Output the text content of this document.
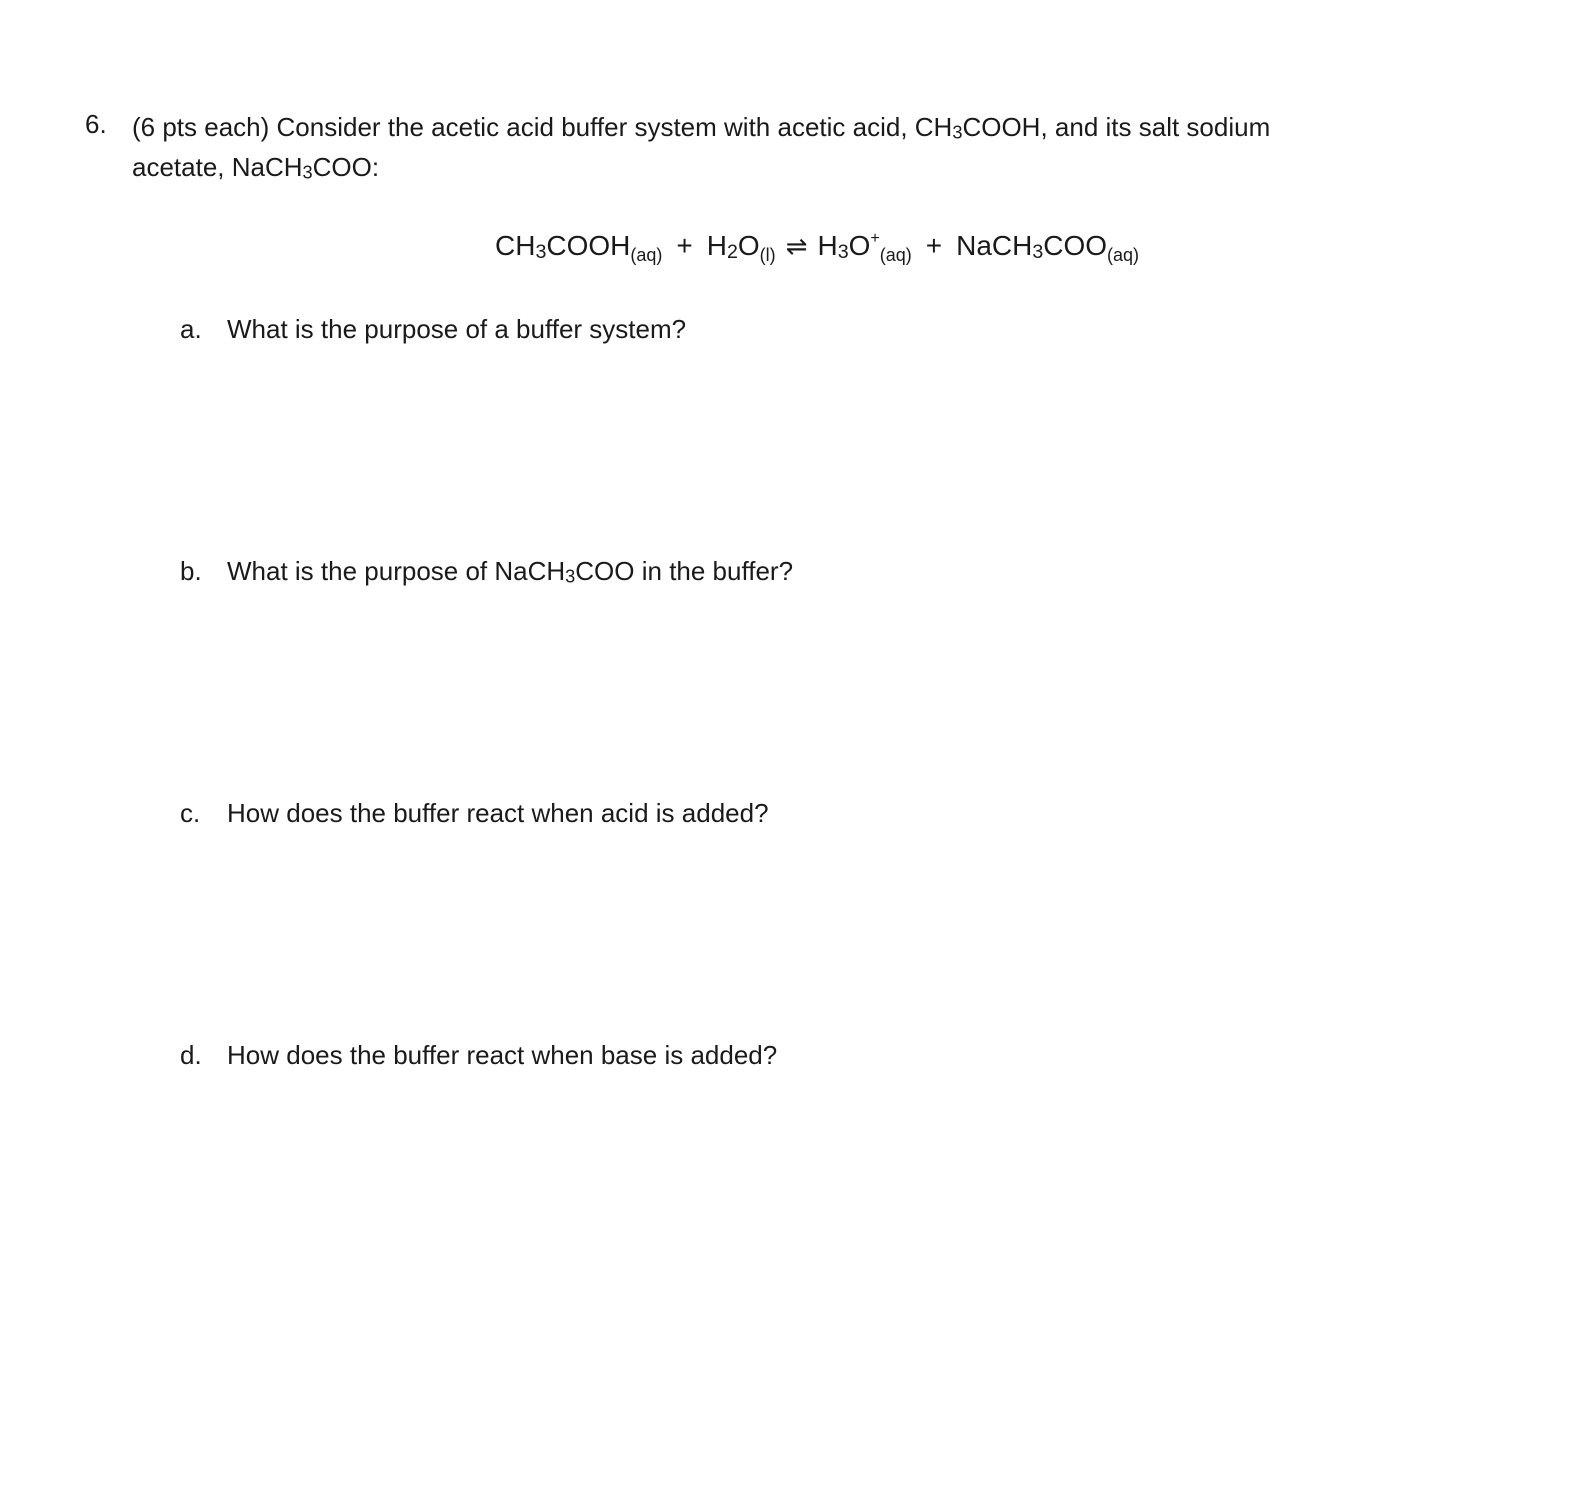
6. (6 pts each) Consider the acetic acid buffer system with acetic acid, $CH_3COOH$, and its salt sodium acetate, NaCH$_3$COO:
$CH_3COOH_{(aq)} + H_2O_{(l)}$ ⇌ $H_3O^+_{(aq)}$ + $NaCH_3COO_{(aq)}$
a. What is the purpose of a buffer system?
b. What is the purpose of NaCH$_3$COO in the buffer?
c. How does the buffer react when acid is added?
d. How does the buffer react when base is added?
